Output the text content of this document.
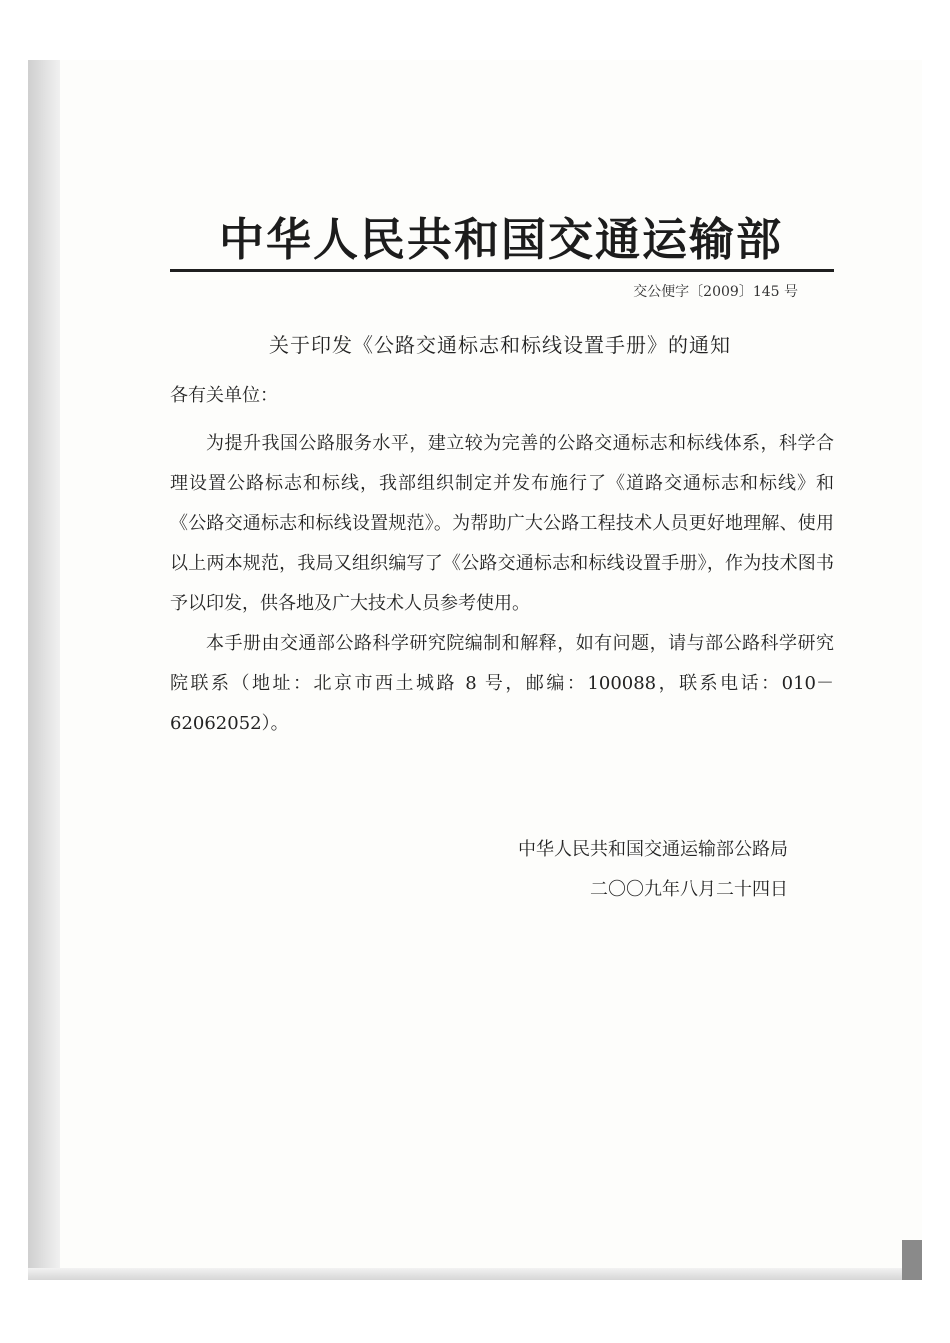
中华人民共和国交通运输部
交公便字〔2009〕145 号
关于印发《公路交通标志和标线设置手册》的通知
各有关单位：

为提升我国公路服务水平，建立较为完善的公路交通标志和标线体系，科学合理设置公路标志和标线，我部组织制定并发布施行了《道路交通标志和标线》和《公路交通标志和标线设置规范》。为帮助广大公路工程技术人员更好地理解、使用以上两本规范，我局又组织编写了《公路交通标志和标线设置手册》，作为技术图书予以印发，供各地及广大技术人员参考使用。

本手册由交通部公路科学研究院编制和解释，如有问题，请与部公路科学研究院联系（地址：北京市西土城路 8 号，邮编：100088，联系电话：010－62062052）。

中华人民共和国交通运输部公路局
二〇〇九年八月二十四日
